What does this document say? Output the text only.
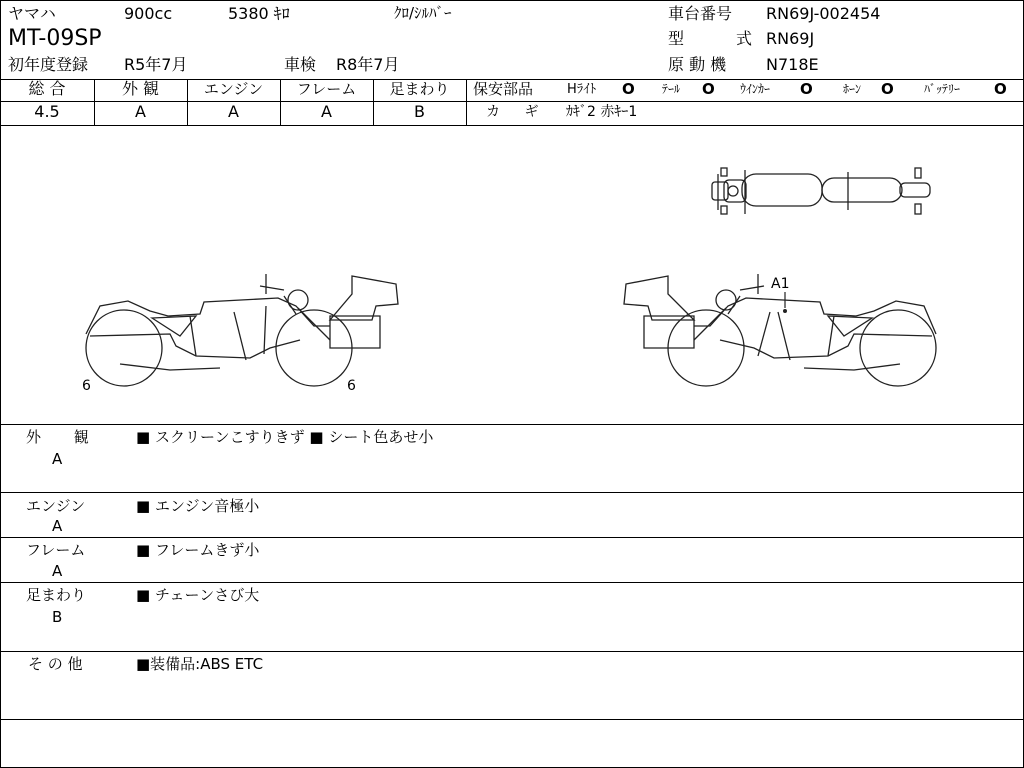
ヤマハ	900cc	5380 ｷﾛ	ｸﾛ/ｼﾙﾊﾞｰ
MT-09SP
初年度登録 R5年7月	車検 R8年7月
車台番号 RN69J-002454
型	式 RN69J
原 動 機 N718E
総 合	外 観	エンジン	フレーム	足まわり
4.5	A	A	A	B
保安部品	Hﾗｲﾄ O ﾃｰﾙ O ｳｲﾝｶｰ O	ﾎｰﾝ O	ﾊﾞｯﾃﾘｰ O
カ ギ ｶｷﾞ2 赤ｷｰ1
6	6
A1
外 観
A
■ スクリーンこすりきず ■ シート色あせ小
エンジン
A
■ エンジン音極小
フレーム
A
■ フレームきず小
足まわり
B
■ チェーンさび大
そ の 他	■装備品:ABS ETC
